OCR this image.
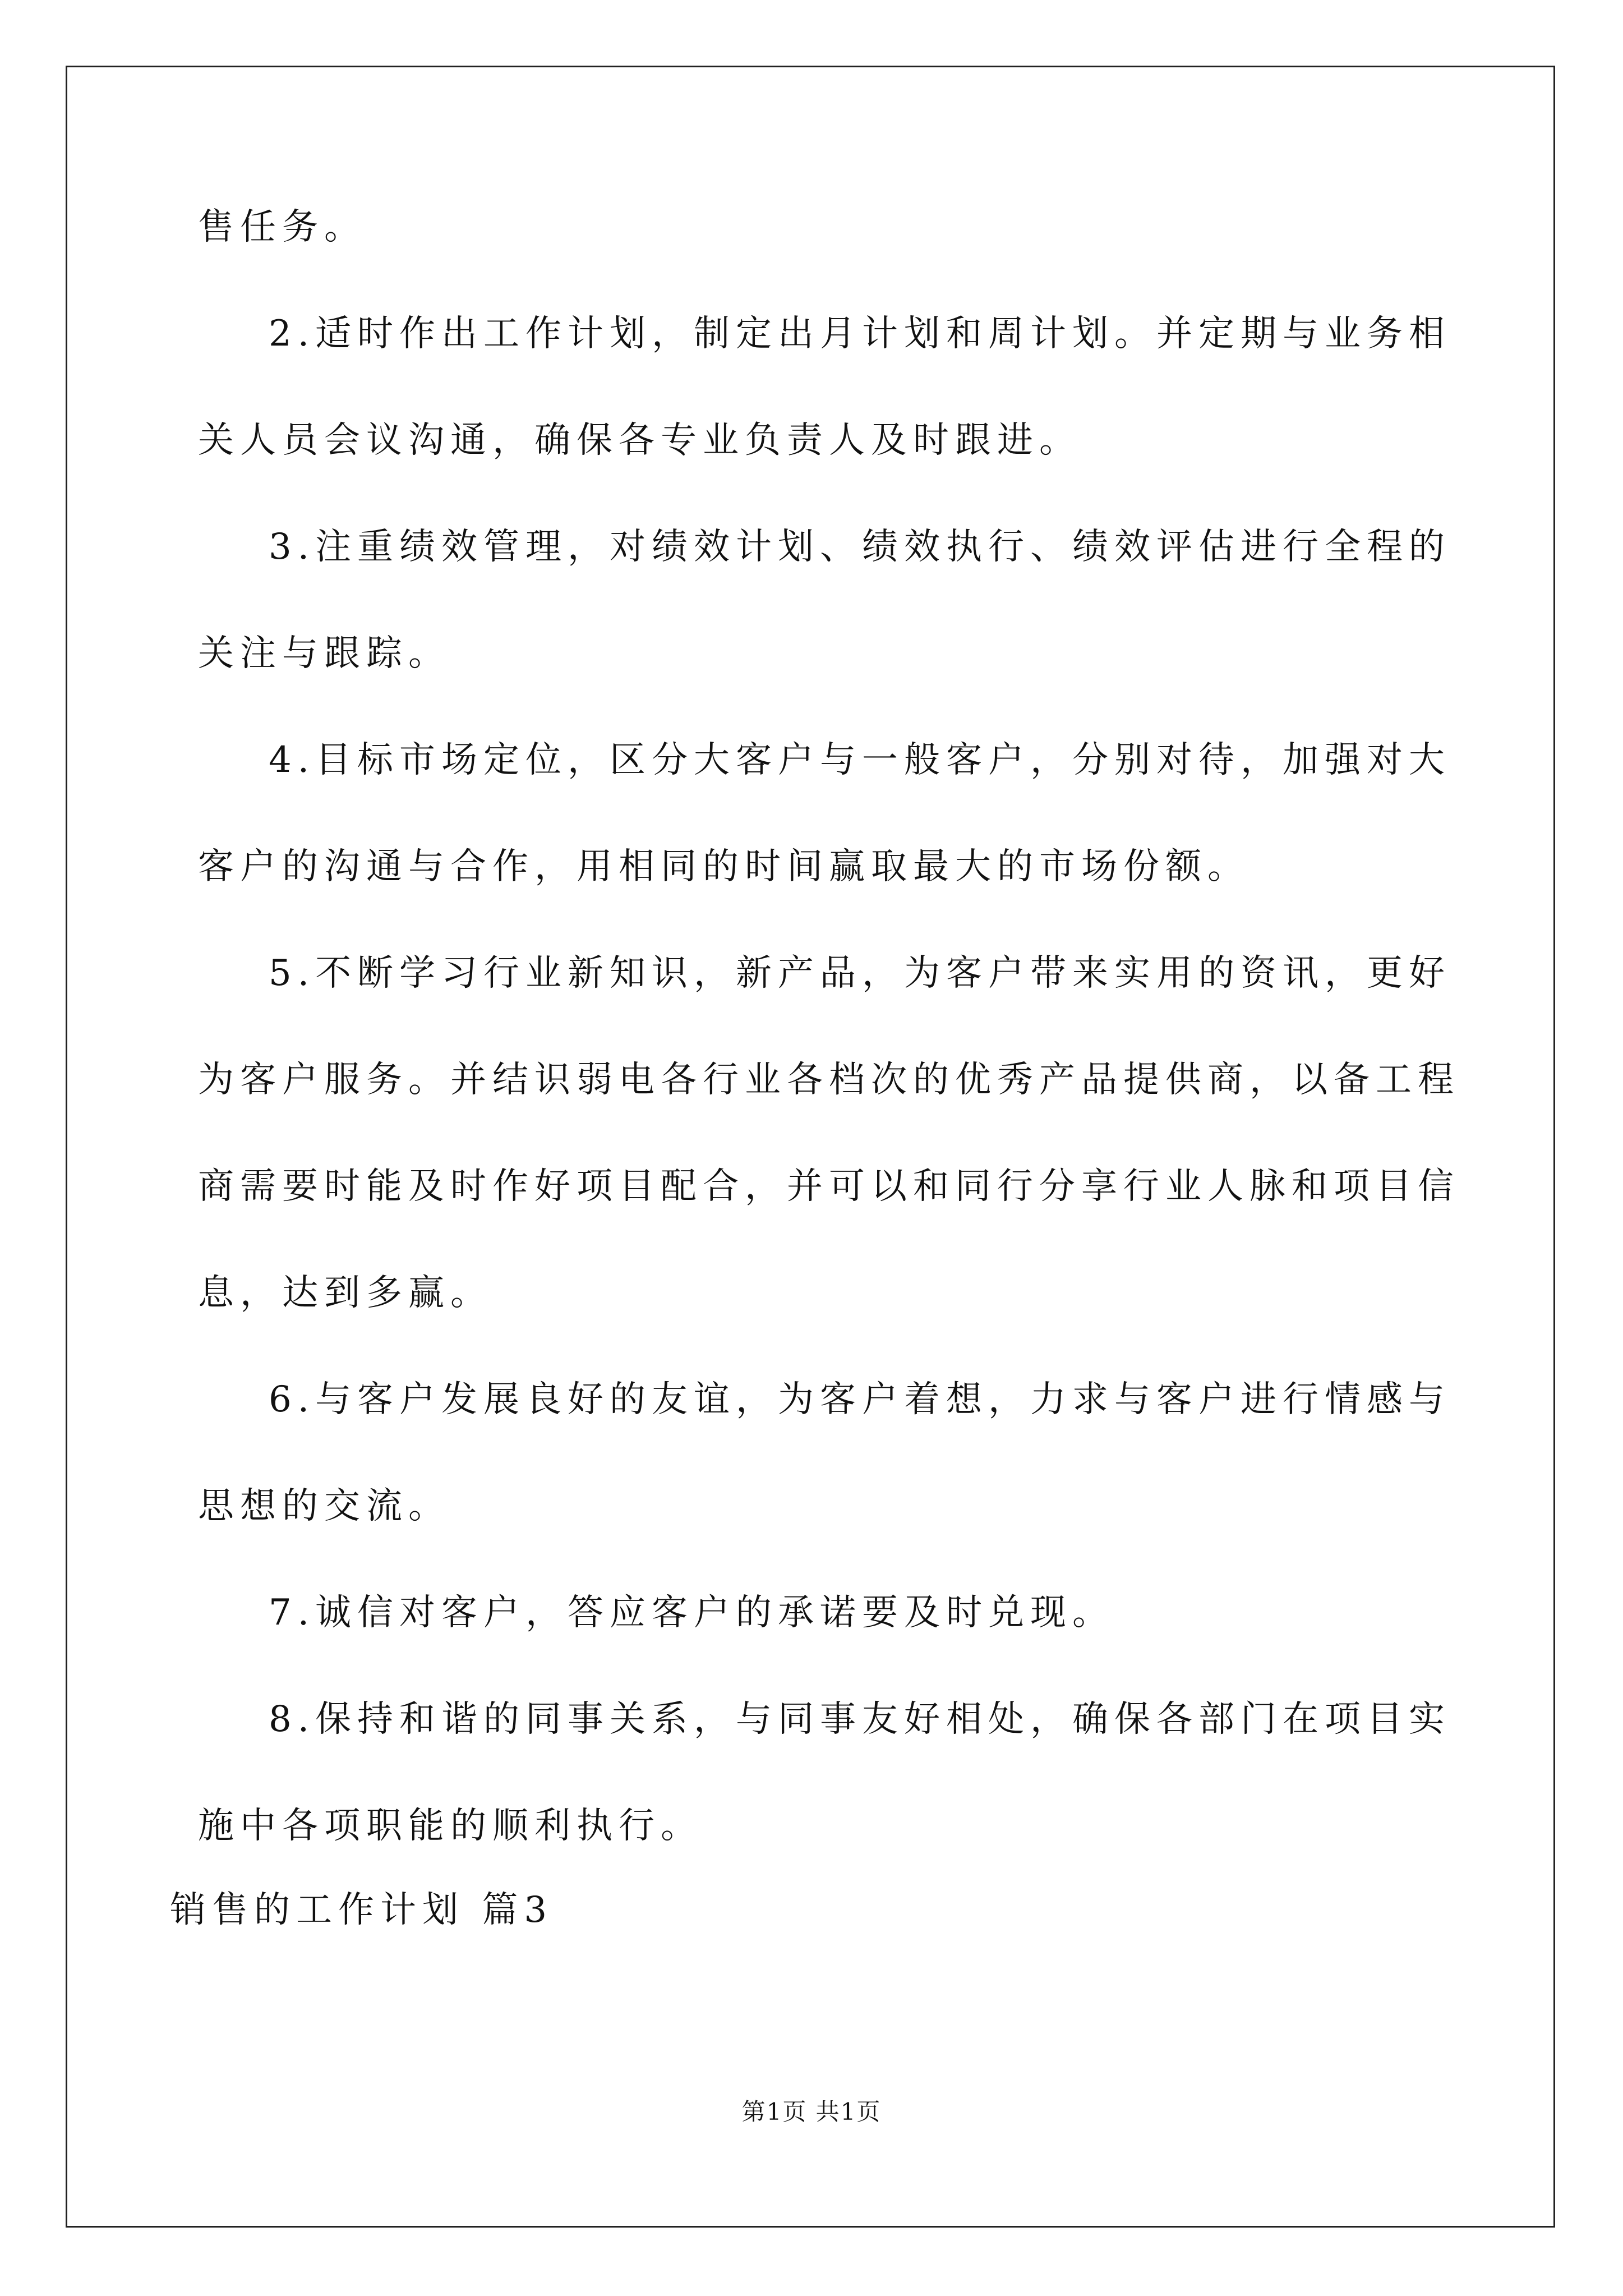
售任务。
2.适时作出工作计划，制定出月计划和周计划。并定期与业务相
关人员会议沟通，确保各专业负责人及时跟进。
3.注重绩效管理，对绩效计划、绩效执行、绩效评估进行全程的
关注与跟踪。
4.目标市场定位，区分大客户与一般客户，分别对待，加强对大
客户的沟通与合作，用相同的时间赢取最大的市场份额。
5.不断学习行业新知识，新产品，为客户带来实用的资讯，更好
为客户服务。并结识弱电各行业各档次的优秀产品提供商，以备工程
商需要时能及时作好项目配合，并可以和同行分享行业人脉和项目信
息，达到多赢。
6.与客户发展良好的友谊，为客户着想，力求与客户进行情感与
思想的交流。
7.诚信对客户，答应客户的承诺要及时兑现。
8.保持和谐的同事关系，与同事友好相处，确保各部门在项目实
施中各项职能的顺利执行。
销售的工作计划 篇3
第1页 共1页
